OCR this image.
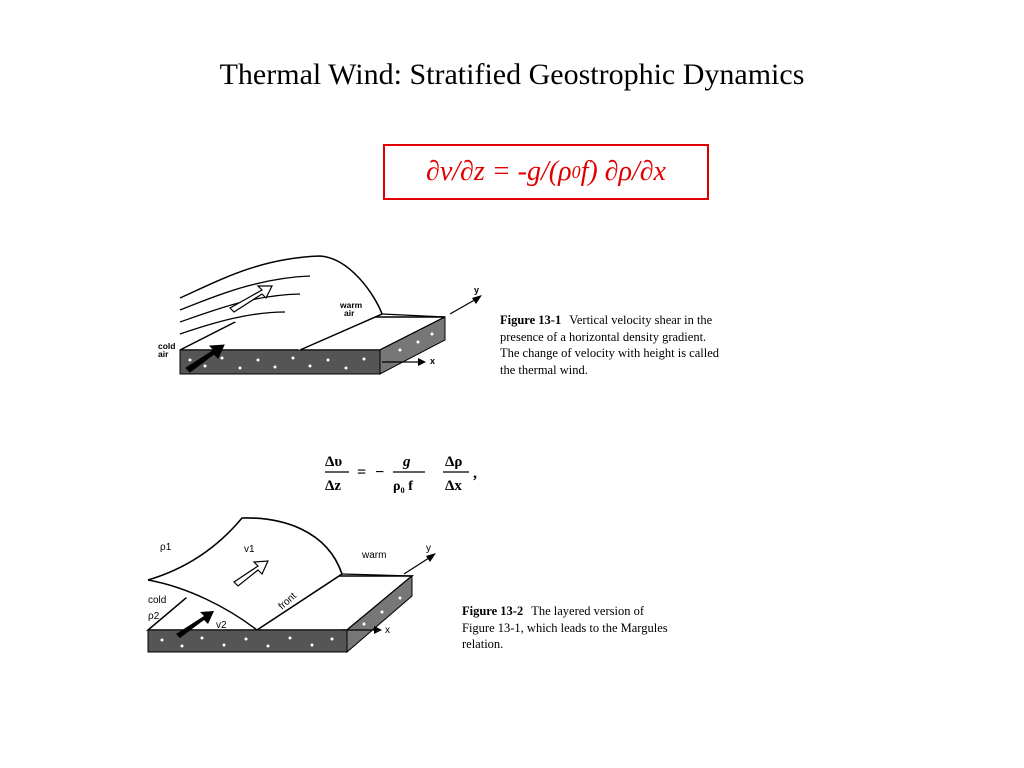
Thermal Wind: Stratified Geostrophic Dynamics
∂v/∂z = -g/(ρ 0 f) ∂ρ/∂x
y
x
warm
air
cold
air
Figure 13-1 Vertical velocity shear in the
presence of a horizontal density gradient.
The change of velocity with height is called
the thermal wind.
Δυ
Δz
= −
g
ρ₀ f
Δρ
Δx
,
y
x
ρ1	v1
warm
cold
ρ2
v2
front	Figure 13-2 The layered version of
Figure 13-1, which leads to the Margules
relation.
